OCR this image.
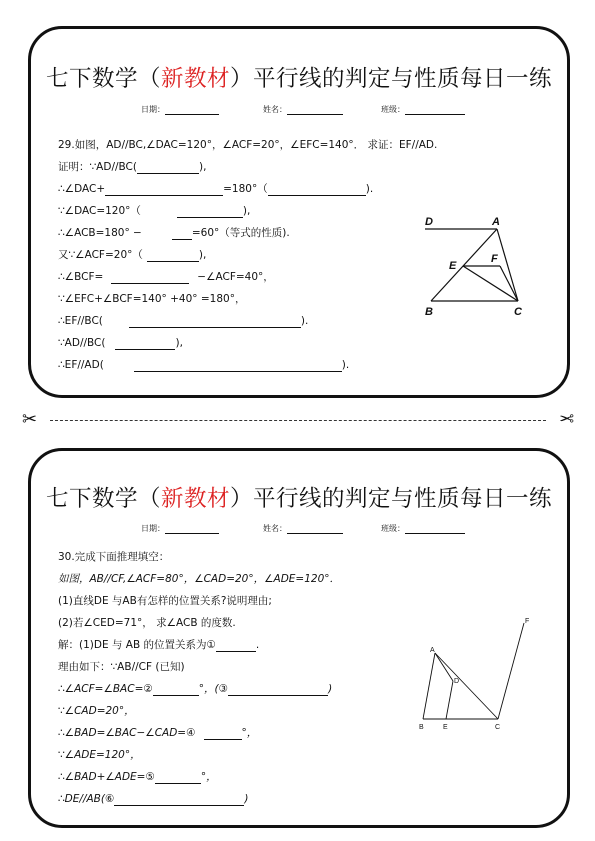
七下数学（新教材）平行线的判定与性质每日一练
日期：	姓名：	班级：
29.如图，AD//BC,∠DAC=120°，∠ACF=20°，∠EFC=140°． 求证：EF//AD.
证明：∵AD//BC(	),
∴∠DAC+	=180°（	).
∵∠DAC=120°（	),
∴∠ACB=180° −	=60°（等式的性质).
又∵∠ACF=20°（	),
∴∠BCF=	−∠ACF=40°，
∵∠EFC+∠BCF=140° +40° =180°，
∴EF//BC(	).
∵AD//BC(	),
∴EF//AD(	).
D	A
E
F
B	C
✂	✂
七下数学（新教材）平行线的判定与性质每日一练
日期：	姓名：	班级：
30.完成下面推理填空：
如图，AB//CF,∠ACF=80°，∠CAD=20°，∠ADE=120°．
(1)直线DE 与AB有怎样的位置关系?说明理由;
(2)若∠CED=71°， 求∠ACB 的度数.
解：(1)DE 与 AB 的位置关系为①	.
理由如下：∵AB//CF (已知)
∴∠ACF=∠BAC=②	°，(③	)
∵∠CAD=20°，
∴∠BAD=∠BAC−∠CAD=④	°，
∵∠ADE=120°，
∴∠BAD+∠ADE=⑤	°，
∴DE//AB(⑥	)
F
A
D
B	E	C
